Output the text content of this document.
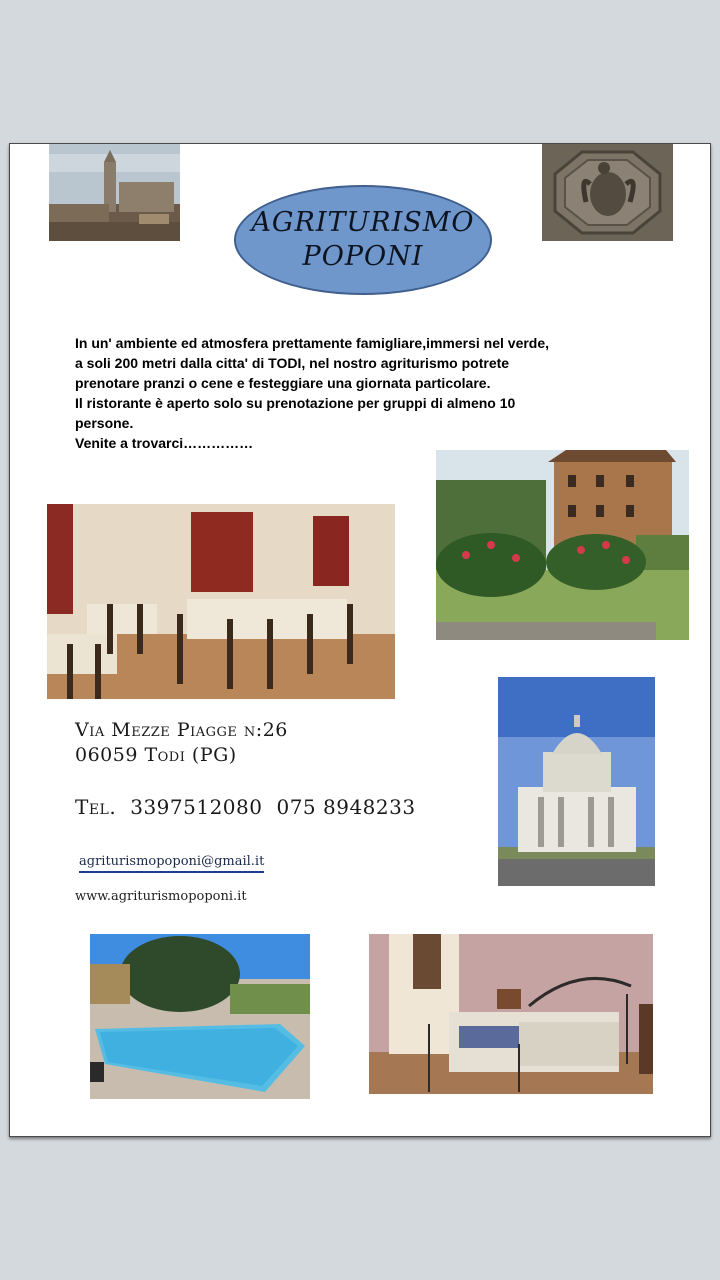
AGRITURISMO
POPONI
In un' ambiente ed atmosfera prettamente famigliare,immersi nel verde,
a soli 200 metri dalla citta' di TODI, nel nostro agriturismo potrete
prenotare pranzi o cene e festeggiare una giornata particolare.
Il ristorante è aperto solo su prenotazione per gruppi di almeno 10
persone.
Venite a trovarci……………
Via Mezze Piagge n:26
06059 Todi (PG)
Tel. 3397512080 075 8948233
agriturismopoponi@gmail.it
www.agriturismopoponi.it
